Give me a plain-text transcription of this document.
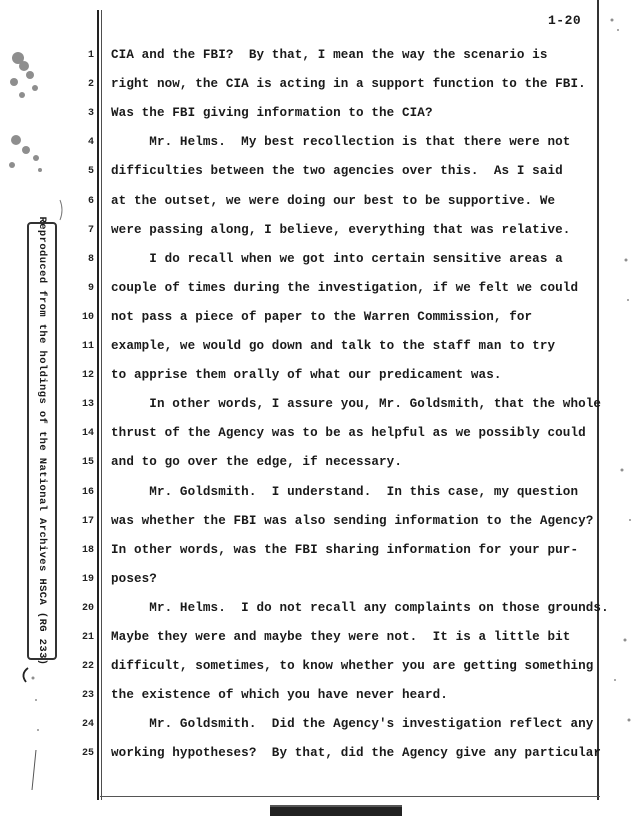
1-20
Reproduced from the holdings of the National Archives HSCA (RG 233)
1 CIA and the FBI?  By that, I mean the way the scenario is
2 right now, the CIA is acting in a support function to the FBI.
3 Was the FBI giving information to the CIA?
4 Mr. Helms.  My best recollection is that there were not
5 difficulties between the two agencies over this.  As I said
6 at the outset, we were doing our best to be supportive. We
7 were passing along, I believe, everything that was relative.
8 I do recall when we got into certain sensitive areas a
9 couple of times during the investigation, if we felt we could
10 not pass a piece of paper to the Warren Commission, for
11 example, we would go down and talk to the staff man to try
12 to apprise them orally of what our predicament was.
13 In other words, I assure you, Mr. Goldsmith, that the whole
14 thrust of the Agency was to be as helpful as we possibly could
15 and to go over the edge, if necessary.
16 Mr. Goldsmith.  I understand.  In this case, my question
17 was whether the FBI was also sending information to the Agency?
18 In other words, was the FBI sharing information for your pur-
19 poses?
20 Mr. Helms.  I do not recall any complaints on those grounds.
21 Maybe they were and maybe they were not.  It is a little bit
22 difficult, sometimes, to know whether you are getting something
23 the existence of which you have never heard.
24 Mr. Goldsmith.  Did the Agency's investigation reflect any
25 working hypotheses?  By that, did the Agency give any particular
